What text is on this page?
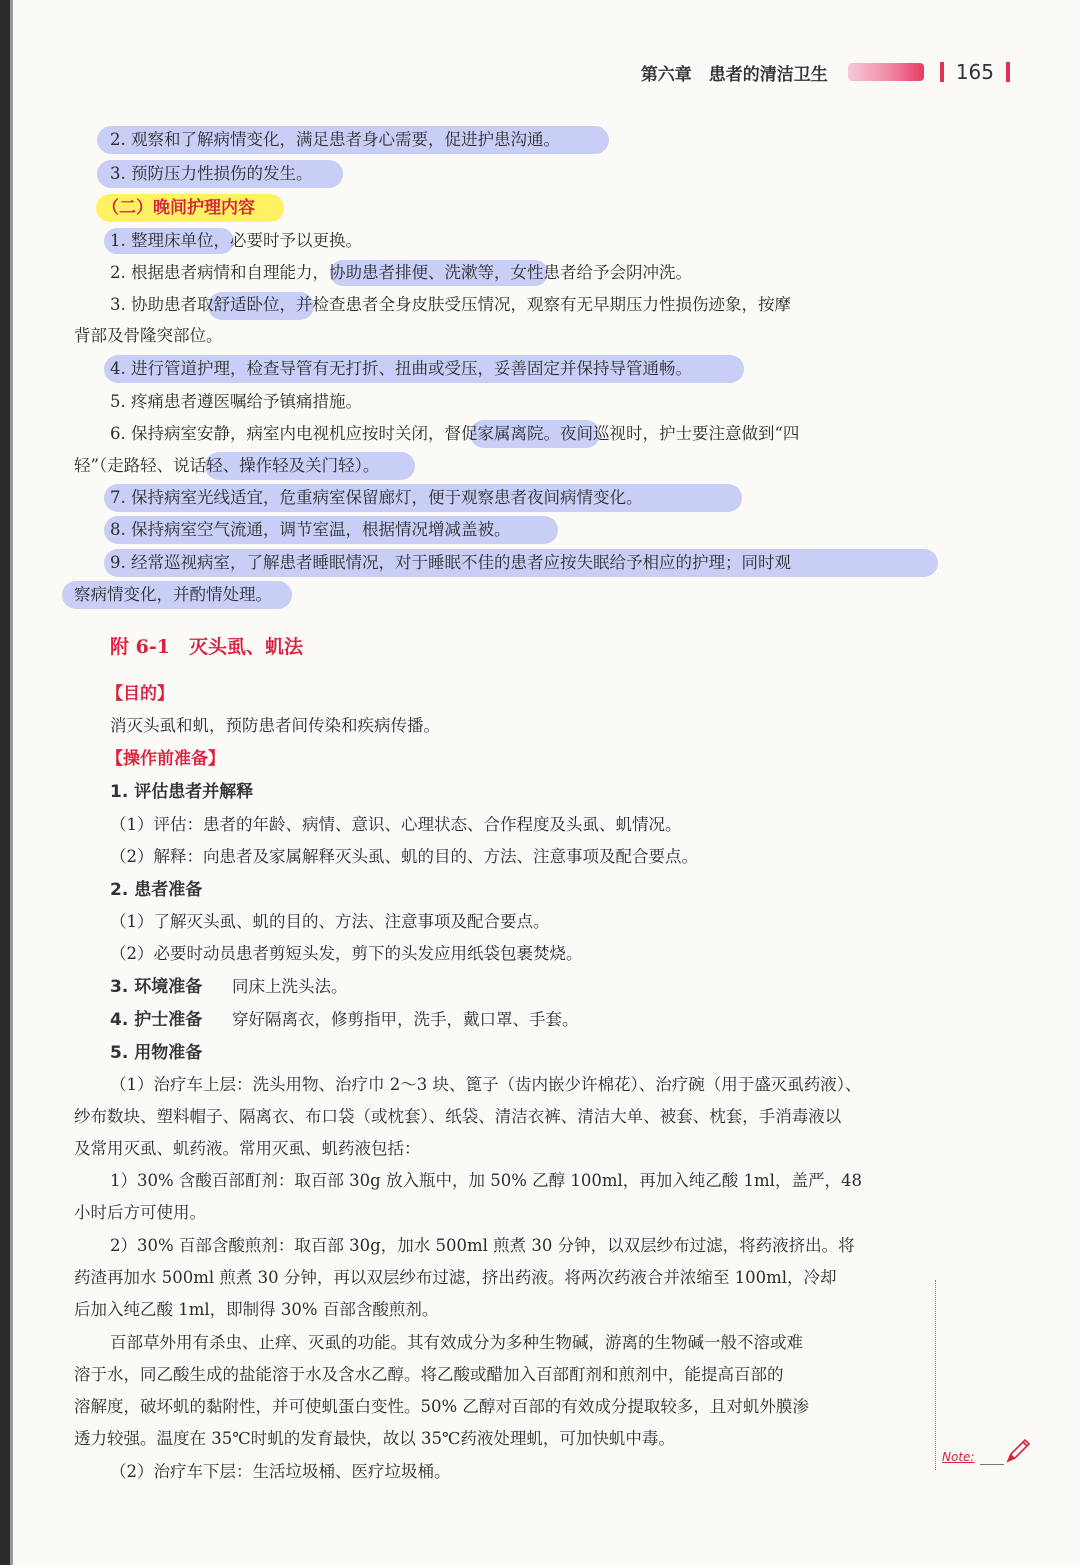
第六章　患者的清洁卫生	165
2. 观察和了解病情变化，满足患者身心需要，促进护患沟通。
3. 预防压力性损伤的发生。
（二）晚间护理内容
1. 整理床单位，必要时予以更换。
2. 根据患者病情和自理能力，协助患者排便、洗漱等，女性患者给予会阴冲洗。
3. 协助患者取舒适卧位，并检查患者全身皮肤受压情况，观察有无早期压力性损伤迹象，按摩
背部及骨隆突部位。
4. 进行管道护理，检查导管有无打折、扭曲或受压，妥善固定并保持导管通畅。
5. 疼痛患者遵医嘱给予镇痛措施。
6. 保持病室安静，病室内电视机应按时关闭，督促家属离院。夜间巡视时，护士要注意做到“四
轻”（走路轻、说话轻、操作轻及关门轻）。
7. 保持病室光线适宜，危重病室保留廊灯，便于观察患者夜间病情变化。
8. 保持病室空气流通，调节室温，根据情况增减盖被。
9. 经常巡视病室，了解患者睡眠情况，对于睡眠不佳的患者应按失眠给予相应的护理；同时观
察病情变化，并酌情处理。
附 6-1　灭头虱、虮法
【目的】
消灭头虱和虮，预防患者间传染和疾病传播。
【操作前准备】
1. 评估患者并解释
（1）评估：患者的年龄、病情、意识、心理状态、合作程度及头虱、虮情况。
（2）解释：向患者及家属解释灭头虱、虮的目的、方法、注意事项及配合要点。
2. 患者准备
（1）了解灭头虱、虮的目的、方法、注意事项及配合要点。
（2）必要时动员患者剪短头发，剪下的头发应用纸袋包裹焚烧。
3. 环境准备 同床上洗头法。
4. 护士准备 穿好隔离衣，修剪指甲，洗手，戴口罩、手套。
5. 用物准备
（1）治疗车上层：洗头用物、治疗巾 2～3 块、篦子（齿内嵌少许棉花）、治疗碗（用于盛灭虱药液）、
纱布数块、塑料帽子、隔离衣、布口袋（或枕套）、纸袋、清洁衣裤、清洁大单、被套、枕套，手消毒液以
及常用灭虱、虮药液。常用灭虱、虮药液包括：
1）30% 含酸百部酊剂：取百部 30g 放入瓶中，加 50% 乙醇 100ml，再加入纯乙酸 1ml，盖严，48
小时后方可使用。
2）30% 百部含酸煎剂：取百部 30g，加水 500ml 煎煮 30 分钟，以双层纱布过滤，将药液挤出。将
药渣再加水 500ml 煎煮 30 分钟，再以双层纱布过滤，挤出药液。将两次药液合并浓缩至 100ml，冷却
后加入纯乙酸 1ml，即制得 30% 百部含酸煎剂。
百部草外用有杀虫、止痒、灭虱的功能。其有效成分为多种生物碱，游离的生物碱一般不溶或难
溶于水，同乙酸生成的盐能溶于水及含水乙醇。将乙酸或醋加入百部酊剂和煎剂中，能提高百部的
溶解度，破坏虮的黏附性，并可使虮蛋白变性。50% 乙醇对百部的有效成分提取较多，且对虮外膜渗
透力较强。温度在 35℃时虮的发育最快，故以 35℃药液处理虮，可加快虮中毒。
（2）治疗车下层：生活垃圾桶、医疗垃圾桶。
Note:
